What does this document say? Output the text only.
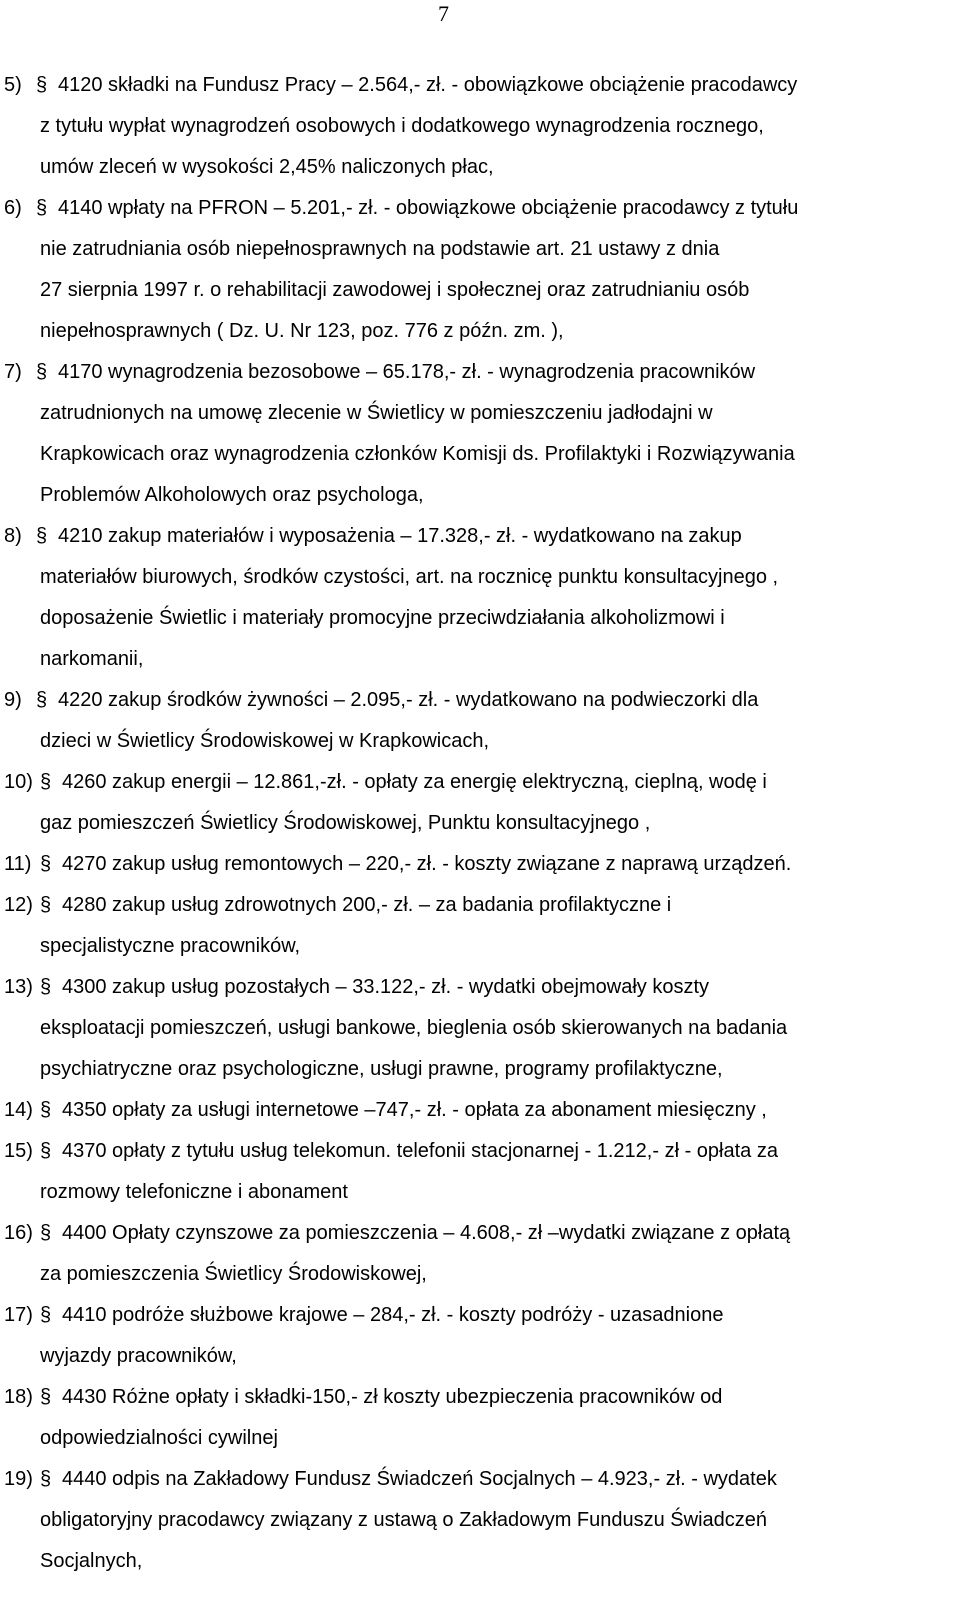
7
5) § 4120 składki na Fundusz Pracy – 2.564,- zł. - obowiązkowe obciążenie pracodawcy
z tytułu wypłat wynagrodzeń osobowych i dodatkowego wynagrodzenia rocznego,
umów zleceń w wysokości 2,45% naliczonych płac,
6) § 4140 wpłaty na PFRON – 5.201,- zł. - obowiązkowe obciążenie pracodawcy z tytułu
nie zatrudniania osób niepełnosprawnych na podstawie art. 21 ustawy z dnia
27 sierpnia 1997 r. o rehabilitacji zawodowej i społecznej oraz zatrudnianiu osób
niepełnosprawnych ( Dz. U. Nr 123, poz. 776 z późn. zm. ),
7) § 4170 wynagrodzenia bezosobowe – 65.178,- zł. - wynagrodzenia pracowników
zatrudnionych na umowę zlecenie w Świetlicy w pomieszczeniu jadłodajni w
Krapkowicach oraz wynagrodzenia członków Komisji ds. Profilaktyki i Rozwiązywania
Problemów Alkoholowych oraz psychologa,
8) § 4210 zakup materiałów i wyposażenia – 17.328,- zł. - wydatkowano na zakup
materiałów biurowych, środków czystości, art. na rocznicę punktu konsultacyjnego ,
doposażenie Świetlic i materiały promocyjne przeciwdziałania alkoholizmowi i
narkomanii,
9) § 4220 zakup środków żywności – 2.095,- zł. - wydatkowano na podwieczorki dla
dzieci w Świetlicy Środowiskowej w Krapkowicach,
10) § 4260 zakup energii – 12.861,-zł. - opłaty za energię elektryczną, cieplną, wodę i
gaz pomieszczeń Świetlicy Środowiskowej, Punktu konsultacyjnego ,
11) § 4270 zakup usług remontowych – 220,- zł. - koszty związane z naprawą urządzeń.
12) § 4280 zakup usług zdrowotnych 200,- zł. – za badania profilaktyczne i
specjalistyczne pracowników,
13) § 4300 zakup usług pozostałych – 33.122,- zł. - wydatki obejmowały koszty
eksploatacji pomieszczeń, usługi bankowe, bieglenia osób skierowanych na badania
psychiatryczne oraz psychologiczne, usługi prawne, programy profilaktyczne,
14) § 4350 opłaty za usługi internetowe –747,- zł. - opłata za abonament miesięczny ,
15) § 4370 opłaty z tytułu usług telekomun. telefonii stacjonarnej - 1.212,- zł - opłata za
rozmowy telefoniczne i abonament
16) § 4400 Opłaty czynszowe za pomieszczenia – 4.608,- zł –wydatki związane z opłatą
za pomieszczenia Świetlicy Środowiskowej,
17) § 4410 podróże służbowe krajowe – 284,- zł. - koszty podróży - uzasadnione
wyjazdy pracowników,
18) § 4430 Różne opłaty i składki-150,- zł koszty ubezpieczenia pracowników od
odpowiedzialności cywilnej
19) § 4440 odpis na Zakładowy Fundusz Świadczeń Socjalnych – 4.923,- zł. - wydatek
obligatoryjny pracodawcy związany z ustawą o Zakładowym Funduszu Świadczeń
Socjalnych,
